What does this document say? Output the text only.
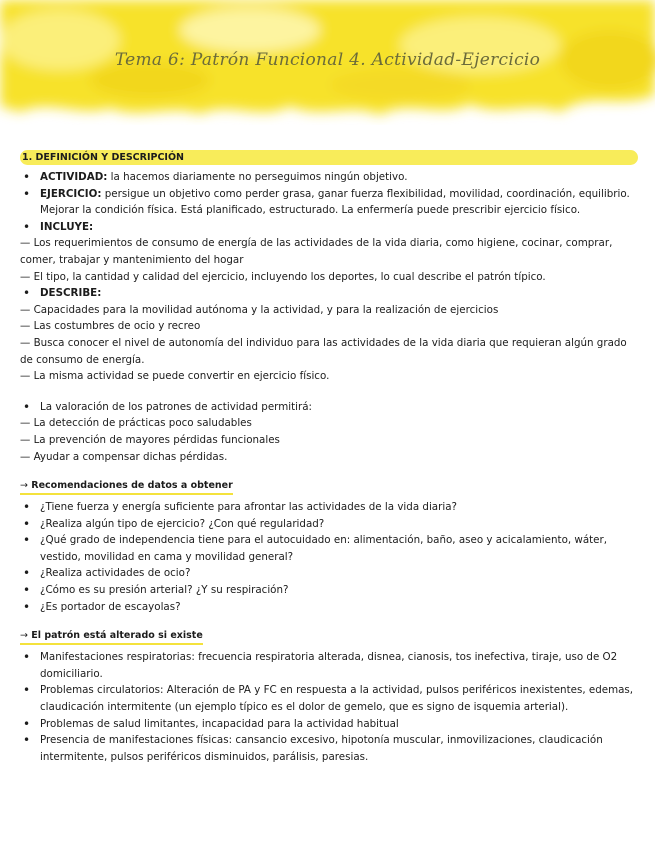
Tema 6: Patrón Funcional 4. Actividad-Ejercicio
1. DEFINICIÓN Y DESCRIPCIÓN
• ACTIVIDAD: la hacemos diariamente no perseguimos ningún objetivo.
• EJERCICIO: persigue un objetivo como perder grasa, ganar fuerza flexibilidad, movilidad, coordinación, equilibrio. Mejorar la condición física. Está planificado, estructurado. La enfermería puede prescribir ejercicio físico.
• INCLUYE:
— Los requerimientos de consumo de energía de las actividades de la vida diaria, como higiene, cocinar, comprar, comer, trabajar y mantenimiento del hogar
— El tipo, la cantidad y calidad del ejercicio, incluyendo los deportes, lo cual describe el patrón típico.
• DESCRIBE:
— Capacidades para la movilidad autónoma y la actividad, y para la realización de ejercicios
— Las costumbres de ocio y recreo
— Busca conocer el nivel de autonomía del individuo para las actividades de la vida diaria que requieran algún grado de consumo de energía.
— La misma actividad se puede convertir en ejercicio físico.
• La valoración de los patrones de actividad permitirá:
— La detección de prácticas poco saludables
— La prevención de mayores pérdidas funcionales
— Ayudar a compensar dichas pérdidas.
→ Recomendaciones de datos a obtener
• ¿Tiene fuerza y energía suficiente para afrontar las actividades de la vida diaria?
• ¿Realiza algún tipo de ejercicio? ¿Con qué regularidad?
• ¿Qué grado de independencia tiene para el autocuidado en: alimentación, baño, aseo y acicalamiento, wáter, vestido, movilidad en cama y movilidad general?
• ¿Realiza actividades de ocio?
• ¿Cómo es su presión arterial? ¿Y su respiración?
• ¿Es portador de escayolas?
→ El patrón está alterado si existe
• Manifestaciones respiratorias: frecuencia respiratoria alterada, disnea, cianosis, tos inefectiva, tiraje, uso de O2 domiciliario.
• Problemas circulatorios: Alteración de PA y FC en respuesta a la actividad, pulsos periféricos inexistentes, edemas, claudicación intermitente (un ejemplo típico es el dolor de gemelo, que es signo de isquemia arterial).
• Problemas de salud limitantes, incapacidad para la actividad habitual
• Presencia de manifestaciones físicas: cansancio excesivo, hipotonía muscular, inmovilizaciones, claudicación intermitente, pulsos periféricos disminuidos, parálisis, paresias.
